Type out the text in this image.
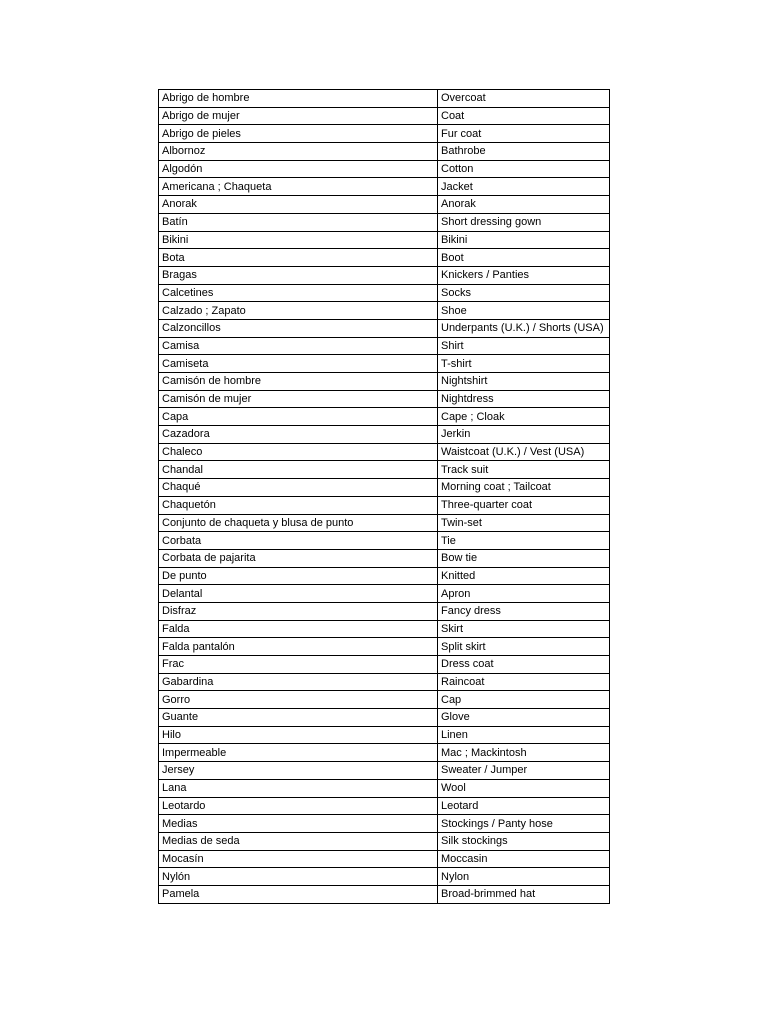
Abrigo de hombre	Overcoat
Abrigo de mujer	Coat
Abrigo de pieles	Fur coat
Albornoz	Bathrobe
Algodón	Cotton
Americana ; Chaqueta	Jacket
Anorak	Anorak
Batín	Short dressing gown
Bikini	Bikini
Bota	Boot
Bragas	Knickers / Panties
Calcetines	Socks
Calzado ; Zapato	Shoe
Calzoncillos	Underpants (U.K.) / Shorts (USA)
Camisa	Shirt
Camiseta	T-shirt
Camisón de hombre	Nightshirt
Camisón de mujer	Nightdress
Capa	Cape ; Cloak
Cazadora	Jerkin
Chaleco	Waistcoat (U.K.) / Vest (USA)
Chandal	Track suit
Chaqué	Morning coat ; Tailcoat
Chaquetón	Three-quarter coat
Conjunto de chaqueta y blusa de punto	Twin-set
Corbata	Tie
Corbata de pajarita	Bow tie
De punto	Knitted
Delantal	Apron
Disfraz	Fancy dress
Falda	Skirt
Falda pantalón	Split skirt
Frac	Dress coat
Gabardina	Raincoat
Gorro	Cap
Guante	Glove
Hilo	Linen
Impermeable	Mac ; Mackintosh
Jersey	Sweater / Jumper
Lana	Wool
Leotardo	Leotard
Medias	Stockings / Panty hose
Medias de seda	Silk stockings
Mocasín	Moccasin
Nylón	Nylon
Pamela	Broad-brimmed hat
